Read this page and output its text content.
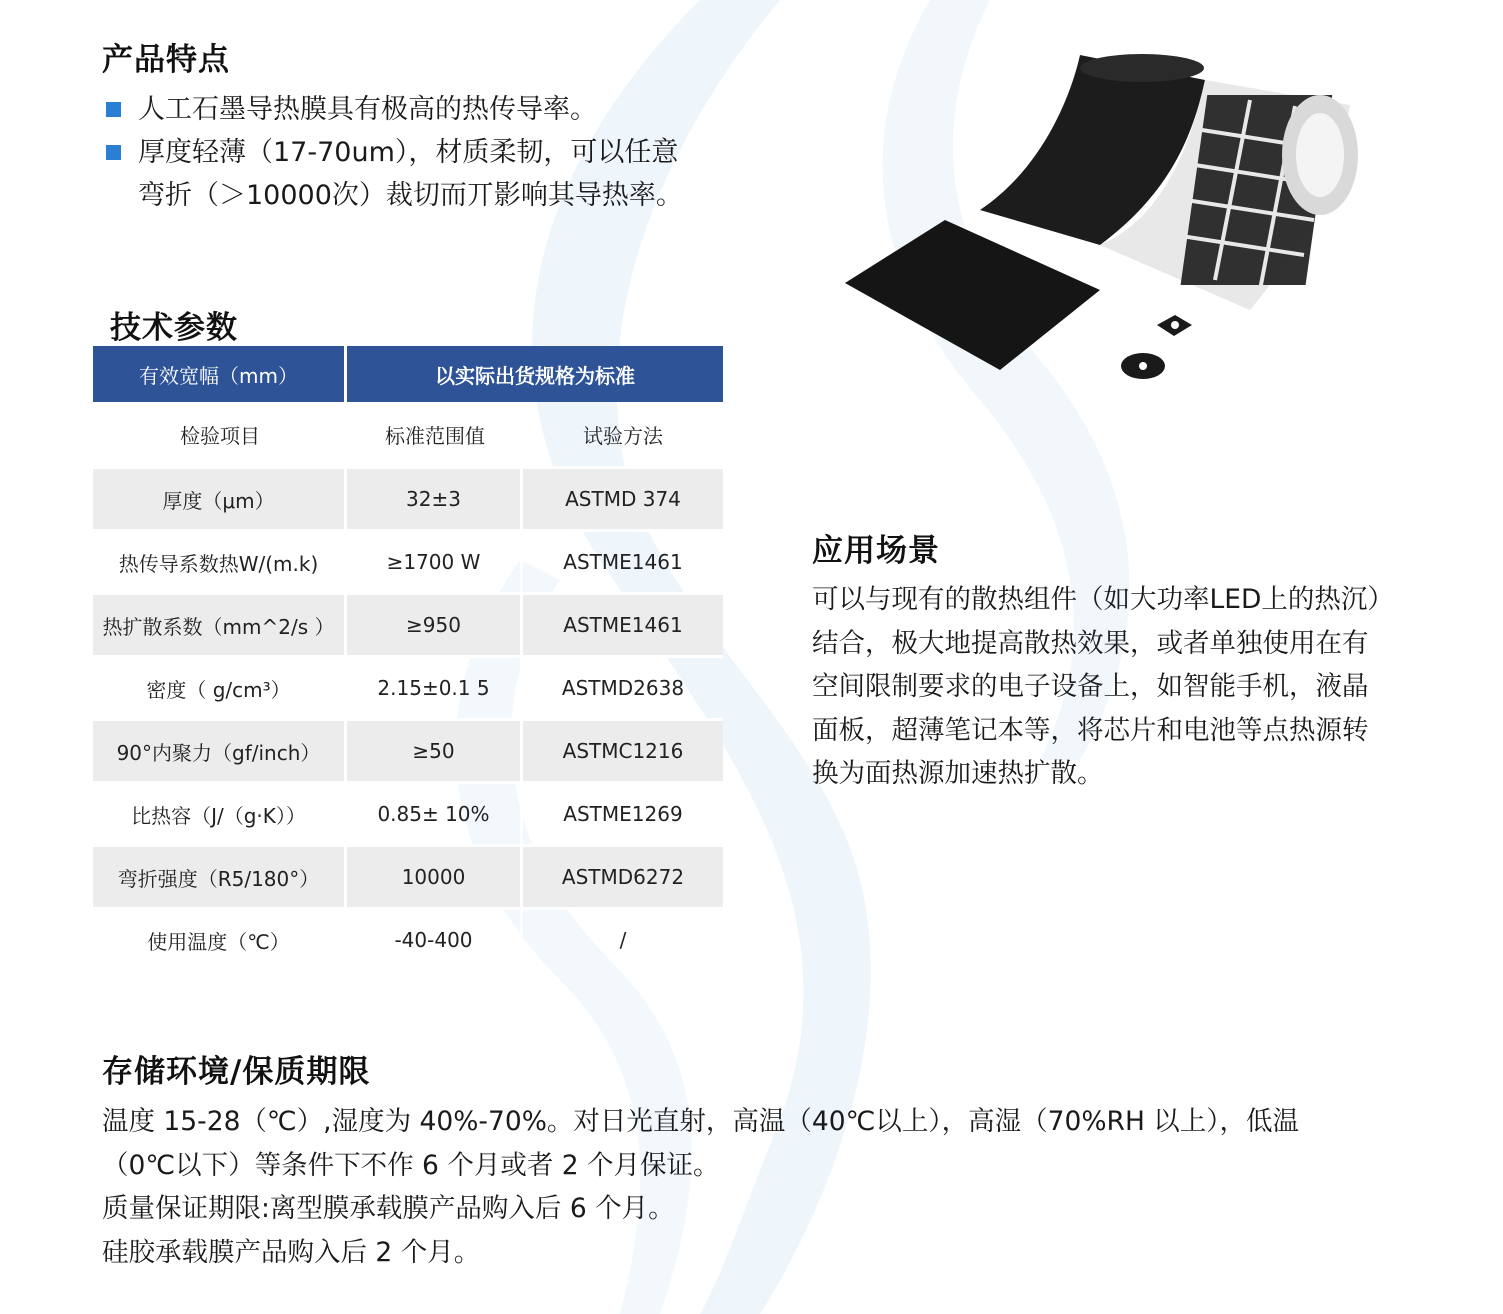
产品特点
人工石墨导热膜具有极高的热传导率。
厚度轻薄（17-70um），材质柔韧，可以任意
弯折（＞10000次）裁切而丌影响其导热率。
技术参数
有效宽幅（mm）	以实际出货规格为标准	
检验项目	标准范围值	试验方法
厚度（μm）	32±3	ASTMD 374
热传导系数热W/(m.k)	≥1700 W	ASTME1461
热扩散系数（mm^2/s ）	≥950	ASTME1461
密度（ g/cm³）	2.15±0.1 5	ASTMD2638
90°内聚力（gf/inch）	≥50	ASTMC1216
比热容（J/（g·K））	0.85± 10%	ASTME1269
弯折强度（R5/180°）	10000	ASTMD6272
使用温度（℃）	-40-400	/
应用场景
可以与现有的散热组件（如大功率LED上的热沉）
结合，极大地提高散热效果，或者单独使用在有
空间限制要求的电子设备上，如智能手机，液晶
面板，超薄笔记本等，将芯片和电池等点热源转
换为面热源加速热扩散。
存储环境/保质期限
温度 15-28（℃）,湿度为 40%-70%。对日光直射，高温（40℃以上），高湿（70%RH 以上），低温
（0℃以下）等条件下不作 6 个月或者 2 个月保证。
质量保证期限:离型膜承载膜产品购入后 6 个月。
硅胶承载膜产品购入后 2 个月。
